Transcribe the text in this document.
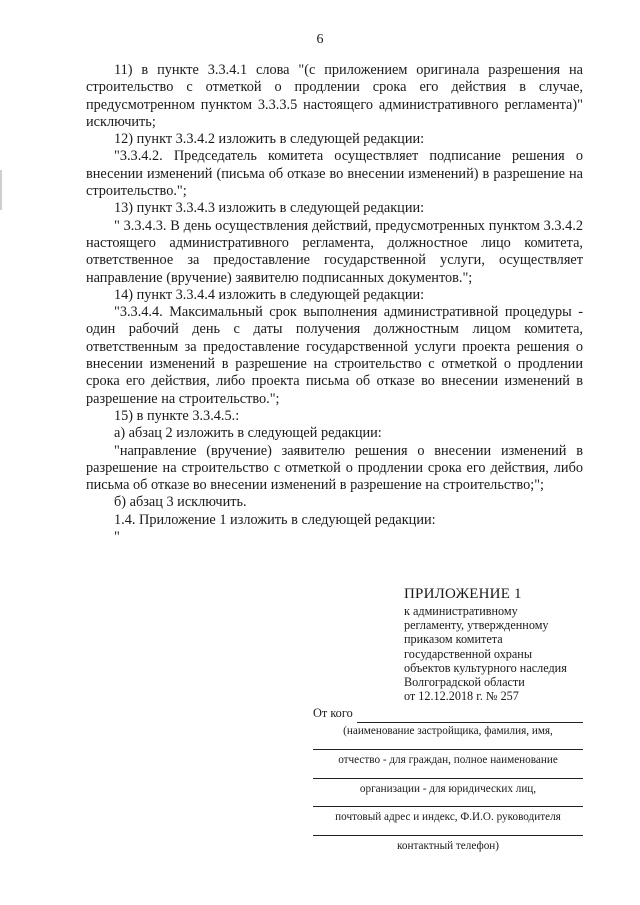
6

11) в пункте 3.3.4.1 слова "(с приложением оригинала разрешения на строительство с отметкой о продлении срока его действия в случае, предусмотренном пунктом 3.3.3.5 настоящего административного регламента)" исключить;

12) пункт 3.3.4.2 изложить в следующей редакции:

"3.3.4.2. Председатель комитета осуществляет подписание решения о внесении изменений (письма об отказе во внесении изменений) в разрешение на строительство.";

13) пункт 3.3.4.3 изложить в следующей редакции:

" 3.3.4.3. В день осуществления действий, предусмотренных пунктом 3.3.4.2 настоящего административного регламента, должностное лицо комитета, ответственное за предоставление государственной услуги, осуществляет направление (вручение) заявителю подписанных документов.";

14) пункт 3.3.4.4 изложить в следующей редакции:

"3.3.4.4. Максимальный срок выполнения административной процедуры - один рабочий день с даты получения должностным лицом комитета, ответственным за предоставление государственной услуги проекта решения о внесении изменений в разрешение на строительство с отметкой о продлении срока его действия, либо проекта письма об отказе во внесении изменений в разрешение на строительство.";

15) в пункте 3.3.4.5.:

а) абзац 2 изложить в следующей редакции:

"направление (вручение) заявителю решения о внесении изменений в разрешение на строительство с отметкой о продлении срока его действия, либо письма об отказе во внесении изменений в разрешение на строительство;";

б) абзац 3 исключить.

1.4. Приложение 1 изложить в следующей редакции:

"

ПРИЛОЖЕНИЕ 1
к административному
регламенту, утвержденному
приказом комитета
государственной охраны
объектов культурного наследия
Волгоградской области
от 12.12.2018 г. № 257
От кого
(наименование застройщика, фамилия, имя,
отчество - для граждан, полное наименование
организации - для юридических лиц,
почтовый адрес и индекс, Ф.И.О. руководителя
контактный телефон)
